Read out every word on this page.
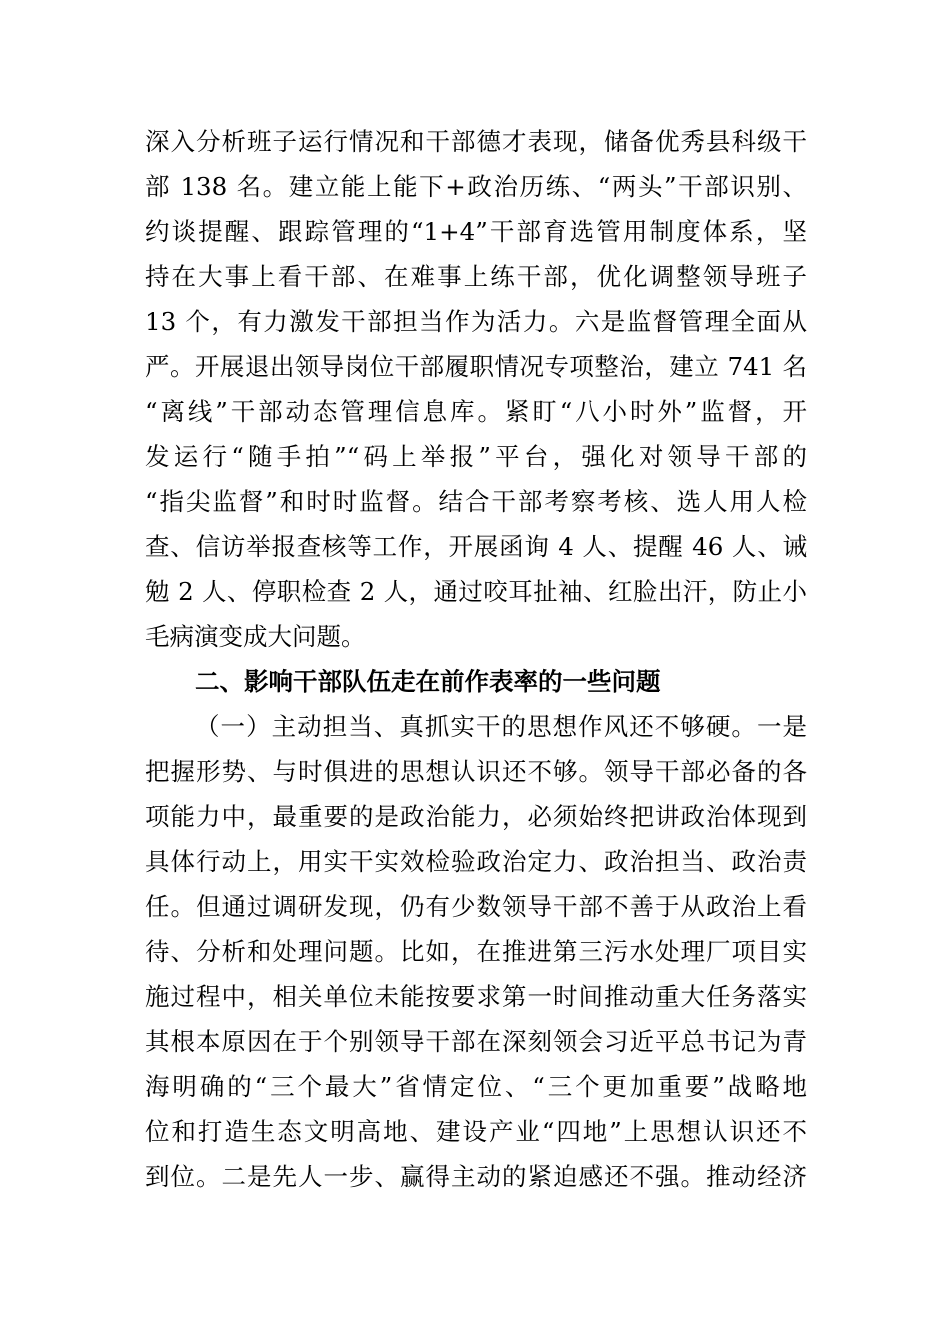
深入分析班子运行情况和干部德才表现，储备优秀县科级干
部 138 名。建立能上能下+政治历练、“两头”干部识别、
约谈提醒、跟踪管理的“1+4”干部育选管用制度体系，坚
持在大事上看干部、在难事上练干部，优化调整领导班子
13 个，有力激发干部担当作为活力。六是监督管理全面从
严。开展退出领导岗位干部履职情况专项整治，建立 741 名
“离线”干部动态管理信息库。紧盯“八小时外”监督，开
发运行“随手拍”“码上举报”平台，强化对领导干部的
“指尖监督”和时时监督。结合干部考察考核、选人用人检
查、信访举报查核等工作，开展函询 4 人、提醒 46 人、诫
勉 2 人、停职检查 2 人，通过咬耳扯袖、红脸出汗，防止小
毛病演变成大问题。
二、影响干部队伍走在前作表率的一些问题
（一）主动担当、真抓实干的思想作风还不够硬。一是
把握形势、与时俱进的思想认识还不够。领导干部必备的各
项能力中，最重要的是政治能力，必须始终把讲政治体现到
具体行动上，用实干实效检验政治定力、政治担当、政治责
任。但通过调研发现，仍有少数领导干部不善于从政治上看
待、分析和处理问题。比如，在推进第三污水处理厂项目实
施过程中，相关单位未能按要求第一时间推动重大任务落实
其根本原因在于个别领导干部在深刻领会习近平总书记为青
海明确的“三个最大”省情定位、“三个更加重要”战略地
位和打造生态文明高地、建设产业“四地”上思想认识还不
到位。二是先人一步、赢得主动的紧迫感还不强。推动经济
